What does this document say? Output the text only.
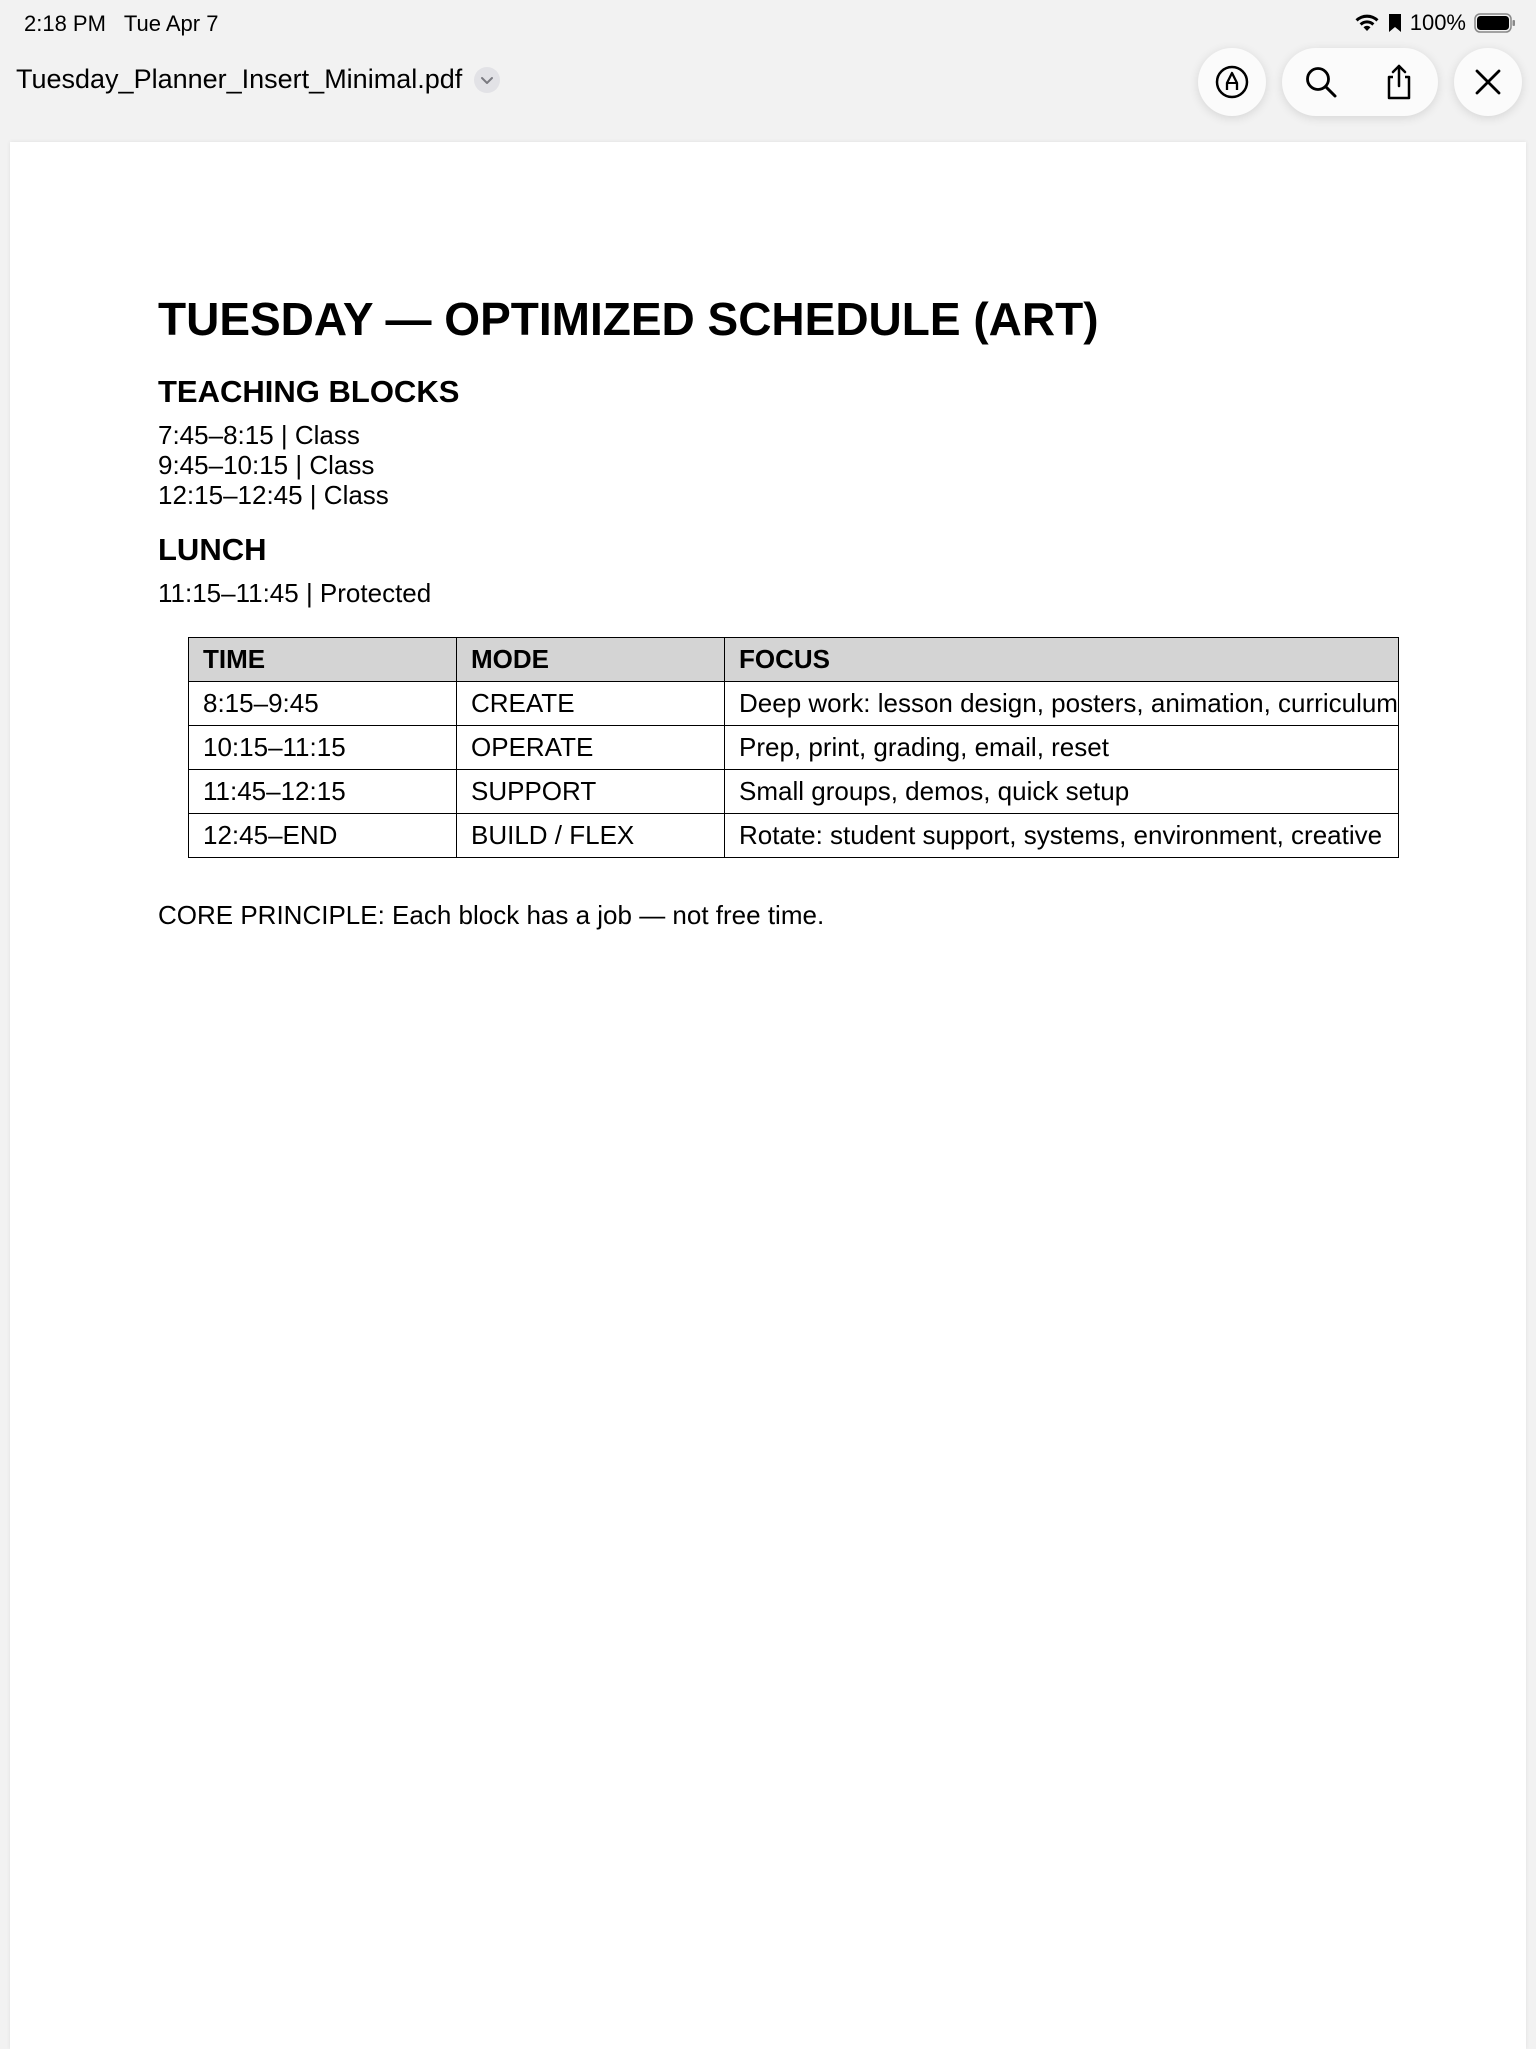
2:18 PM Tue Apr 7	100%
Tuesday_Planner_Insert_Minimal.pdf
TUESDAY — OPTIMIZED SCHEDULE (ART)
TEACHING BLOCKS
7:45–8:15 | Class
9:45–10:15 | Class
12:15–12:45 | Class
LUNCH
11:15–11:45 | Protected
TIME	MODE	FOCUS
8:15–9:45	CREATE	Deep work: lesson design, posters, animation, curriculum
10:15–11:15	OPERATE	Prep, print, grading, email, reset
11:45–12:15	SUPPORT	Small groups, demos, quick setup
12:45–END	BUILD / FLEX	Rotate: student support, systems, environment, creative

CORE PRINCIPLE: Each block has a job — not free time.
